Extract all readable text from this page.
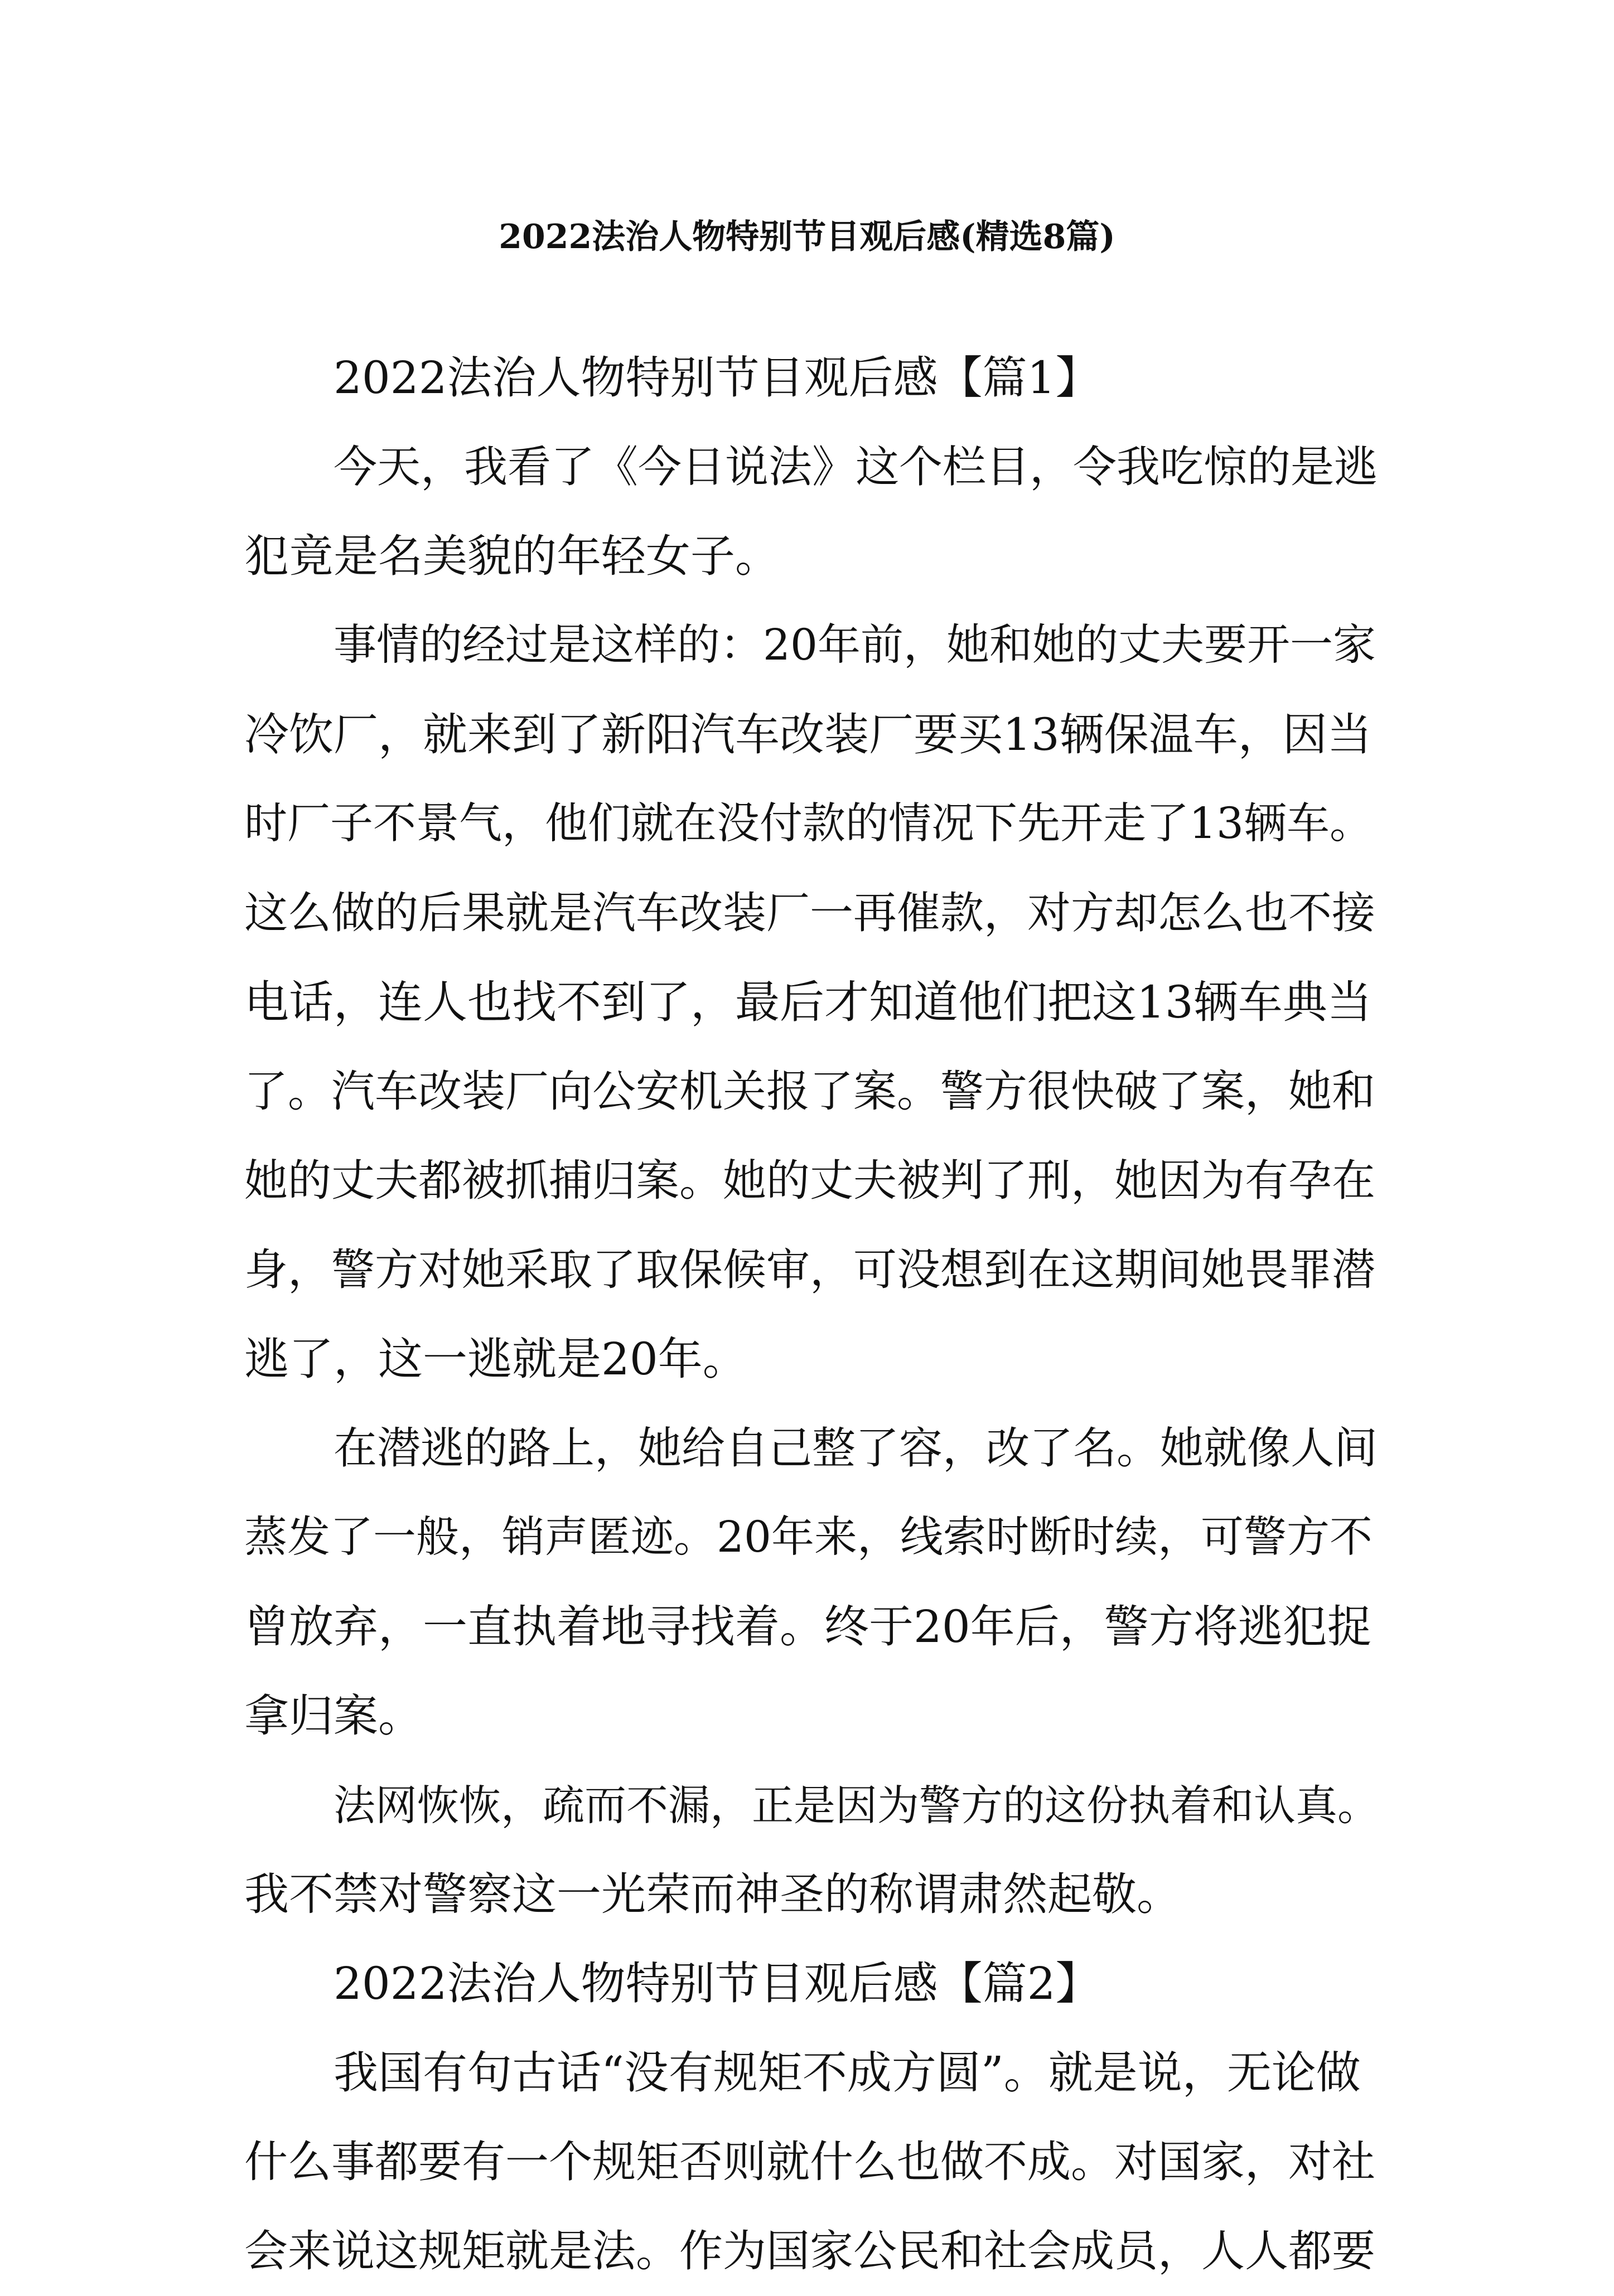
2022法治人物特别节目观后感(精选8篇)
2022法治人物特别节目观后感【篇1】
今天，我看了《今日说法》这个栏目，令我吃惊的是逃
犯竟是名美貌的年轻女子。
事情的经过是这样的：20年前，她和她的丈夫要开一家
冷饮厂，就来到了新阳汽车改装厂要买13辆保温车，因当
时厂子不景气，他们就在没付款的情况下先开走了13辆车。
这么做的后果就是汽车改装厂一再催款，对方却怎么也不接
电话，连人也找不到了，最后才知道他们把这13辆车典当
了。汽车改装厂向公安机关报了案。警方很快破了案，她和
她的丈夫都被抓捕归案。她的丈夫被判了刑，她因为有孕在
身，警方对她采取了取保候审，可没想到在这期间她畏罪潜
逃了，这一逃就是20年。
在潜逃的路上，她给自己整了容，改了名。她就像人间
蒸发了一般，销声匿迹。20年来，线索时断时续，可警方不
曾放弃，一直执着地寻找着。终于20年后，警方将逃犯捉
拿归案。
法网恢恢，疏而不漏，正是因为警方的这份执着和认真。
我不禁对警察这一光荣而神圣的称谓肃然起敬。
2022法治人物特别节目观后感【篇2】
我国有句古话“没有规矩不成方圆”。就是说，无论做
什么事都要有一个规矩否则就什么也做不成。对国家，对社
会来说这规矩就是法。作为国家公民和社会成员，人人都要
